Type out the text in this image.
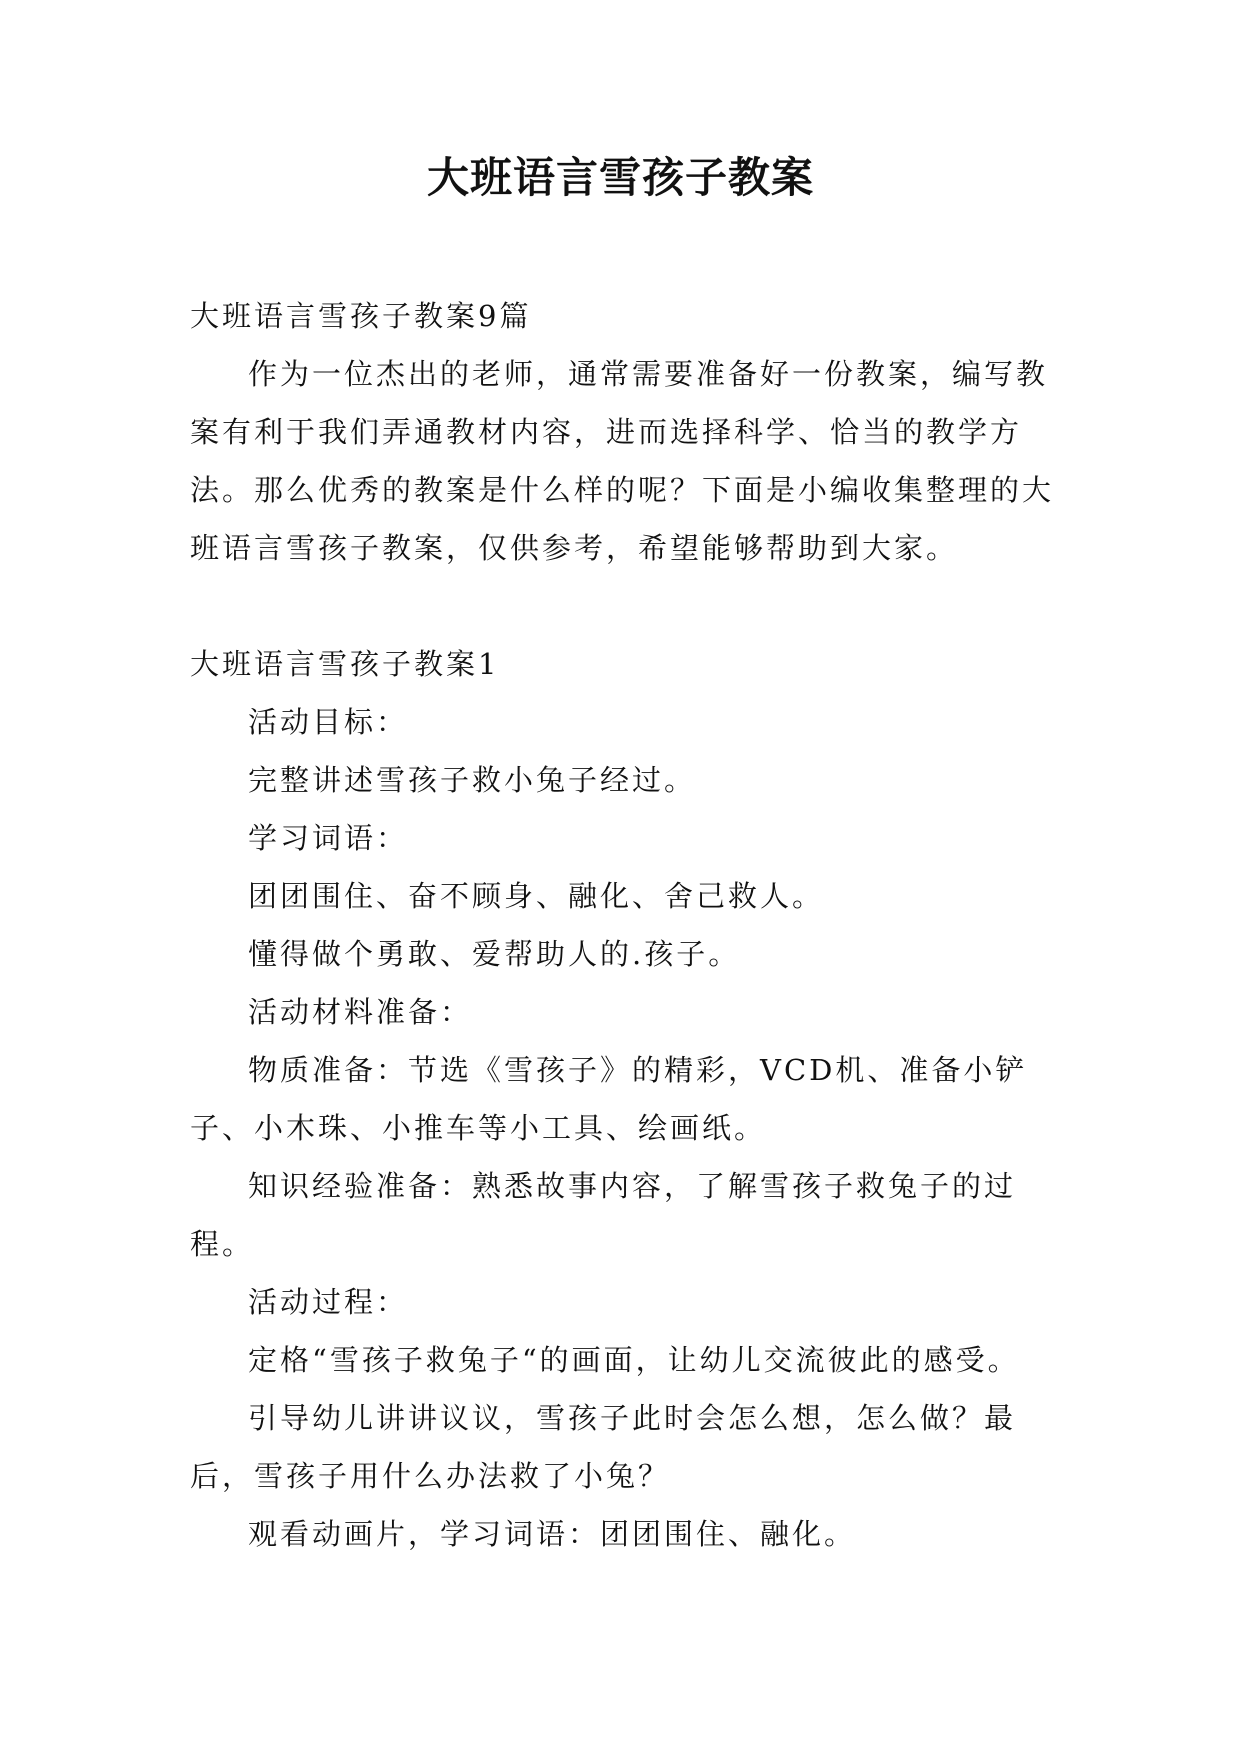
大班语言雪孩子教案

大班语言雪孩子教案9篇

作为一位杰出的老师，通常需要准备好一份教案，编写教案有利于我们弄通教材内容，进而选择科学、恰当的教学方法。那么优秀的教案是什么样的呢？下面是小编收集整理的大班语言雪孩子教案，仅供参考，希望能够帮助到大家。

大班语言雪孩子教案1

活动目标：

完整讲述雪孩子救小兔子经过。

学习词语：

团团围住、奋不顾身、融化、舍己救人。

懂得做个勇敢、爱帮助人的.孩子。

活动材料准备：

物质准备：节选《雪孩子》的精彩，VCD机、准备小铲子、小木珠、小推车等小工具、绘画纸。

知识经验准备：熟悉故事内容，了解雪孩子救兔子的过程。

活动过程：

定格“雪孩子救兔子“的画面，让幼儿交流彼此的感受。

引导幼儿讲讲议议，雪孩子此时会怎么想，怎么做？最后，雪孩子用什么办法救了小兔？

观看动画片，学习词语：团团围住、融化。
